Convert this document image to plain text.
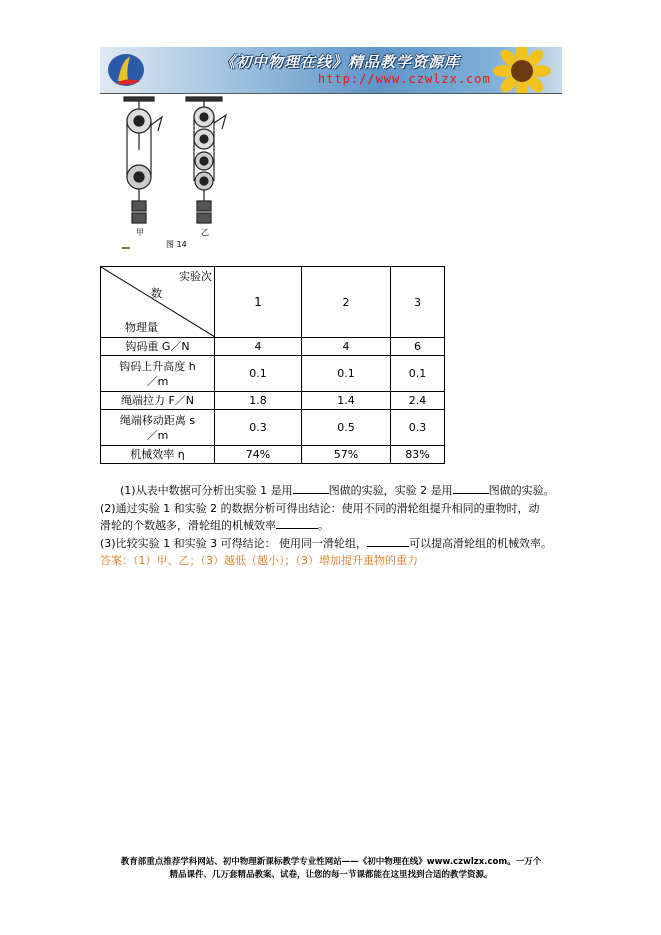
《初中物理在线》精品教学资源库
http://www.czwlzx.com
甲	乙
图 14
实验次
数
物理量	1	2	3
钩码重 G／N	4	4	6

钩码上升高度 h
／m	0.1	0.1	0.1
绳端拉力 F／N	1.8	1.4	2.4

绳端移动距离 s
／m	0.3	0.5	0.3
机械效率 η	74%	57%	83%
(1)从表中数据可分析出实验 1 是用	图做的实验，实验 2 是用	图做的实验。
(2)通过实验 1 和实验 2 的数据分析可得出结论：使用不同的滑轮组提升相同的重物时，动
滑轮的个数越多，滑轮组的机械效率	。
(3)比较实验 1 和实验 3 可得结论： 使用同一滑轮组，	可以提高滑轮组的机械效率。
答案：（1）甲、乙；（3）越低（越小）；（3）增加提升重物的重力
教育部重点推荐学科网站、初中物理新课标教学专业性网站——《初中物理在线》www.czwlzx.com。一万个
精品课件、几万套精品教案、试卷，让您的每一节课都能在这里找到合适的教学资源。
